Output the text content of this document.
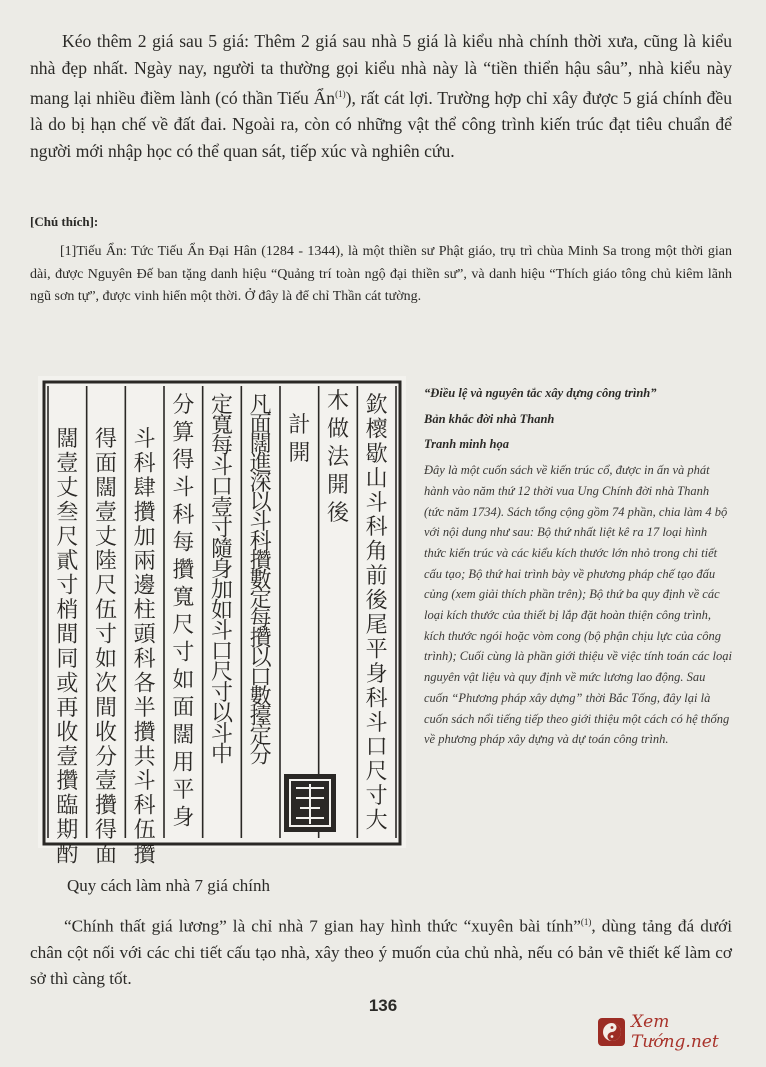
Kéo thêm 2 giá sau 5 giá: Thêm 2 giá sau nhà 5 giá là kiểu nhà chính thời xưa, cũng là kiểu nhà đẹp nhất. Ngày nay, người ta thường gọi kiểu nhà này là “tiền thiển hậu sâu”, nhà kiểu này mang lại nhiều điềm lành (có thần Tiếu Ẩn$^{(1)}$), rất cát lợi. Trường hợp chỉ xây được 5 giá chính đều là do bị hạn chế về đất đai. Ngoài ra, còn có những vật thể công trình kiến trúc đạt tiêu chuẩn để người mới nhập học có thể quan sát, tiếp xúc và nghiên cứu.

[Chú thích]:

[1]Tiếu Ẩn: Tức Tiếu Ẩn Đại Hân (1284 - 1344), là một thiền sư Phật giáo, trụ trì chùa Minh Sa trong một thời gian dài, được Nguyên Đế ban tặng danh hiệu “Quảng trí toàn ngộ đại thiền sư”, và danh hiệu “Thích giáo tông chủ kiêm lãnh ngũ sơn tự”, được vinh hiển một thời. Ở đây là để chỉ Thần cát tường.

欽櫰歇山斗科角前後尾平身科斗口尺寸大
木做法開後
計開
凡面闊進深以斗科攢數定每攢以口數擡定分
定寬每斗口壹寸隨身加如斗口尺寸以斗中
分算得斗科每攢寬尺寸如面闊用平身
斗科肆攢加兩邊柱頭科各半攢共斗科伍攢
得面闊壹丈陸尺伍寸如次間收分壹攢得面
闊壹丈叁尺貳寸梢間同或再收壹攢臨期酌
“Điều lệ và nguyên tắc xây dựng công trình”
Bản khắc đời nhà Thanh
Tranh minh họa
Đây là một cuốn sách về kiến trúc cổ, được in ấn và phát hành vào năm thứ 12 thời vua Ung Chính đời nhà Thanh (tức năm 1734). Sách tổng cộng gồm 74 phần, chia làm 4 bộ với nội dung như sau: Bộ thứ nhất liệt kê ra 17 loại hình thức kiến trúc và các kiểu kích thước lớn nhỏ trong chi tiết cấu tạo; Bộ thứ hai trình bày về phương pháp chế tạo đấu củng (xem giải thích phần trên); Bộ thứ ba quy định về các loại kích thước của thiết bị lắp đặt hoàn thiện công trình, kích thước ngói hoặc vòm cong (bộ phận chịu lực của công trình); Cuối cùng là phần giới thiệu về việc tính toán các loại nguyên vật liệu và quy định về mức lương lao động. Sau cuốn “Phương pháp xây dựng” thời Bắc Tống, đây lại là cuốn sách nổi tiếng tiếp theo giới thiệu một cách có hệ thống về phương pháp xây dựng và dự toán công trình.

Quy cách làm nhà 7 giá chính

“Chính thất giá lương” là chỉ nhà 7 gian hay hình thức “xuyên bài tính”$^{(1)}$, dùng tảng đá dưới chân cột nối với các chi tiết cấu tạo nhà, xây theo ý muốn của chủ nhà, nếu có bản vẽ thiết kế làm cơ sở thì càng tốt.

136
Xem Tướng.net
